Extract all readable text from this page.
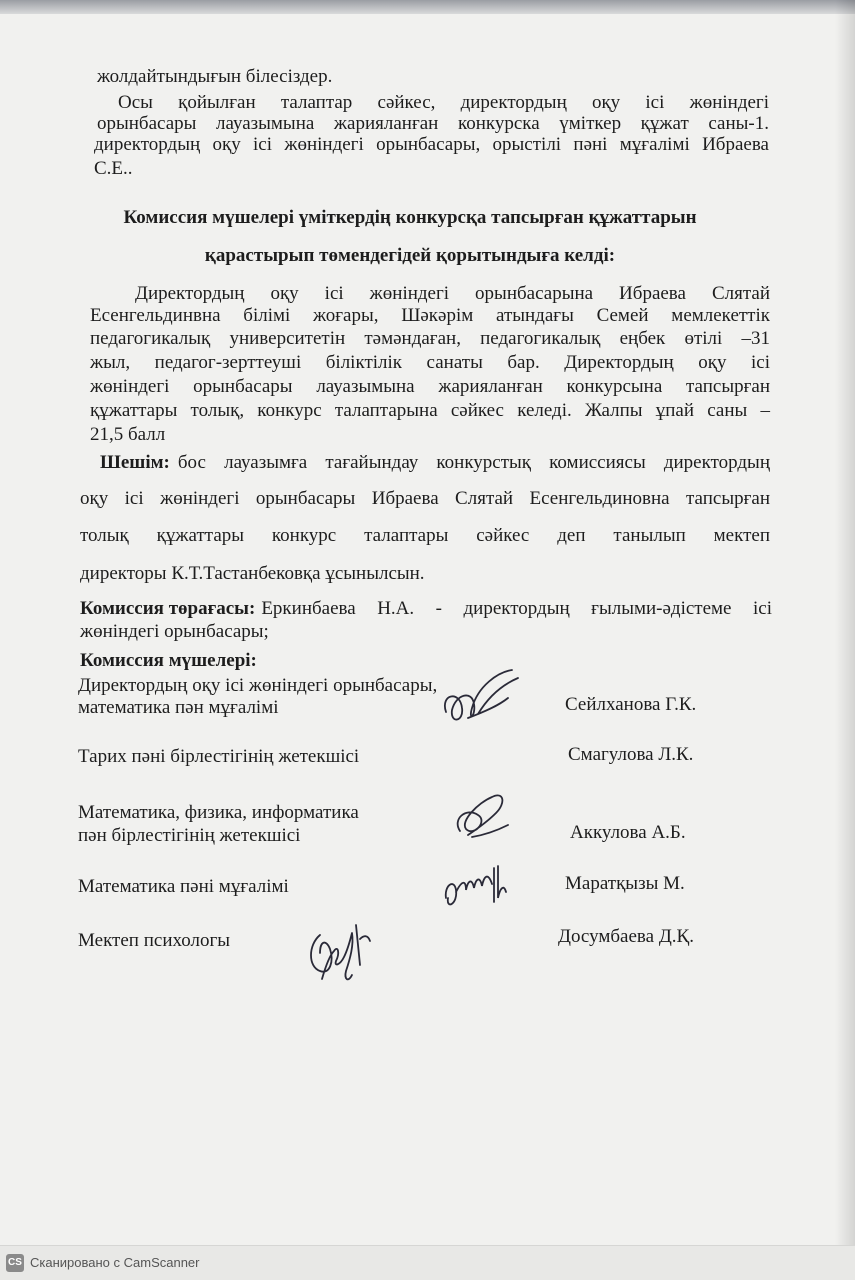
жолдайтындығын білесіздер.
Осы қойылған талаптар сәйкес, директордың оқу ісі жөніндегі
орынбасары лауазымына жарияланған конкурска үміткер құжат саны-1.
директордың оқу ісі жөніндегі орынбасары, орыстілі пәні мұғалімі Ибраева
С.Е..
Комиссия мүшелері үміткердің конкурсқа тапсырған құжаттарын
қарастырып төмендегідей қорытындыға келді:
Директордың оқу ісі жөніндегі орынбасарына Ибраева Слятай
Есенгельдинвна білімі жоғары, Шәкәрім атындағы Семей мемлекеттік
педагогикалық университетін тәмәндаған, педагогикалық еңбек өтілі –31
жыл, педагог-зерттеуші біліктілік санаты бар. Директордың оқу ісі
жөніндегі орынбасары лауазымына жарияланған конкурсына тапсырған
құжаттары толық, конкурс талаптарына сәйкес келеді. Жалпы ұпай саны –
21,5 балл
Шешім: бос лауазымға тағайындау конкурстық комиссиясы директордың
оқу ісі жөніндегі орынбасары Ибраева Слятай Есенгельдиновна тапсырған
толық құжаттары конкурс талаптары сәйкес деп танылып мектеп
директоры К.Т.Тастанбековқа ұсынылсын.
Комиссия төрағасы: Еркинбаева Н.А. - директордың ғылыми-әдістеме ісі
жөніндегі орынбасары;
Комиссия мүшелері:
Директордың оқу ісі жөніндегі орынбасары,
математика пән мұғалімі	Сейлханова Г.К.
Тарих пәні бірлестігінің жетекшісі	Смагулова Л.К.
Математика, физика, информатика
пән бірлестігінің жетекшісі	Аккулова А.Б.
Математика пәні мұғалімі	Маратқызы М.
Мектеп психологы	Досумбаева Д.Қ.
CS Сканировано с CamScanner
